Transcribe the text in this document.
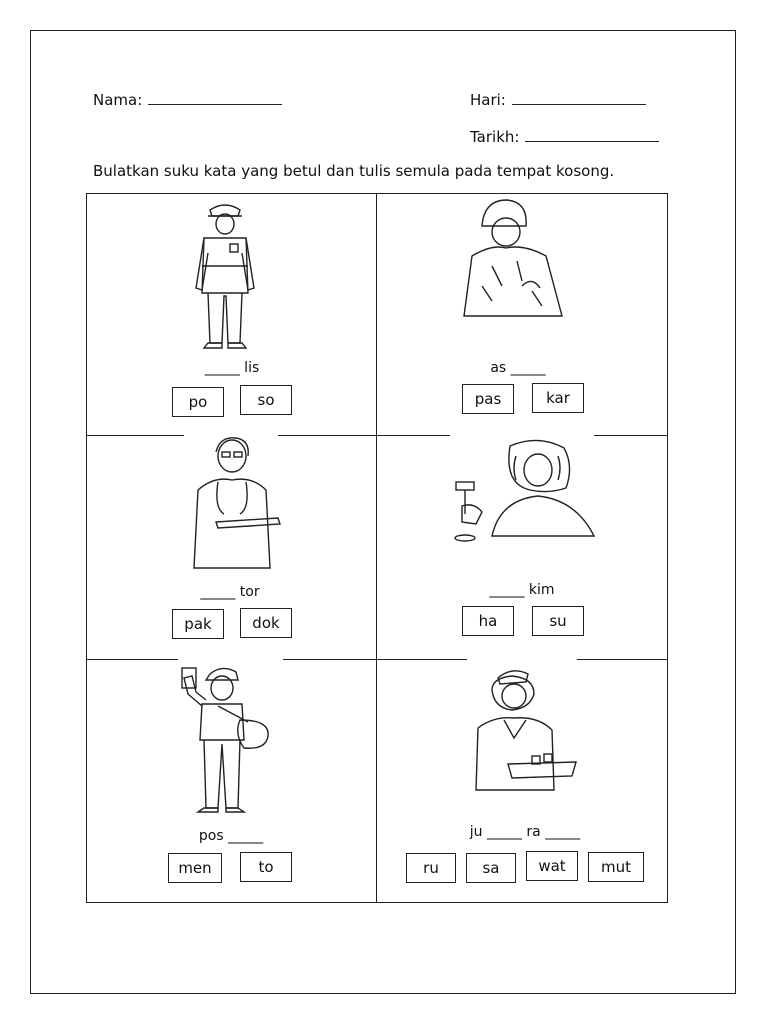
Nama:	Hari:
Tarikh:
Bulatkan suku kata yang betul dan tulis semula pada tempat kosong.
_____ lis
po	so
as _____
pas	kar
_____ tor
pak	dok
_____ kim
ha	su
pos _____
men	to
ju _____ ra _____
ru	sa	wat	mut
